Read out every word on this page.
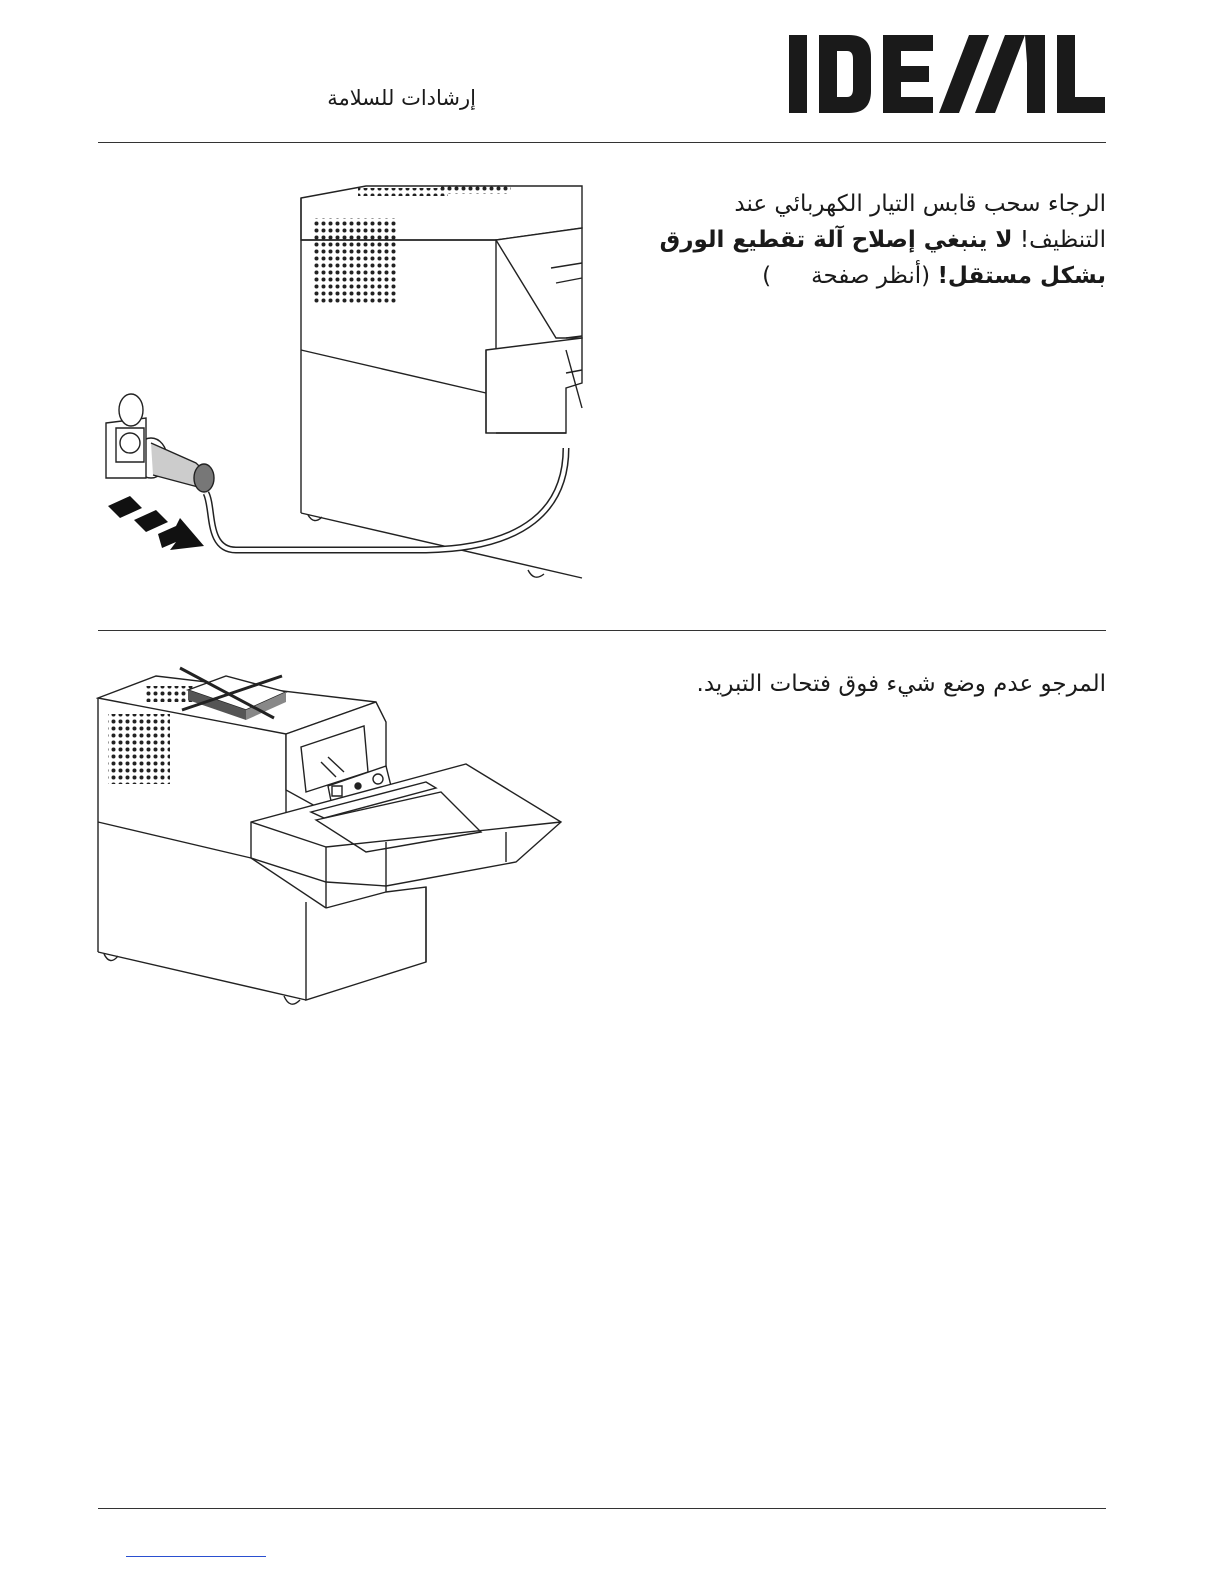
إرشادات للسلامة
الرجاء سحب قابس التيار الكهربائي عند
التنظيف! لا ينبغي إصلاح آلة تقطيع الورق
بشكل مستقل! (أنظر صفحة)
المرجو عدم وضع شيء فوق فتحات التبريد.
